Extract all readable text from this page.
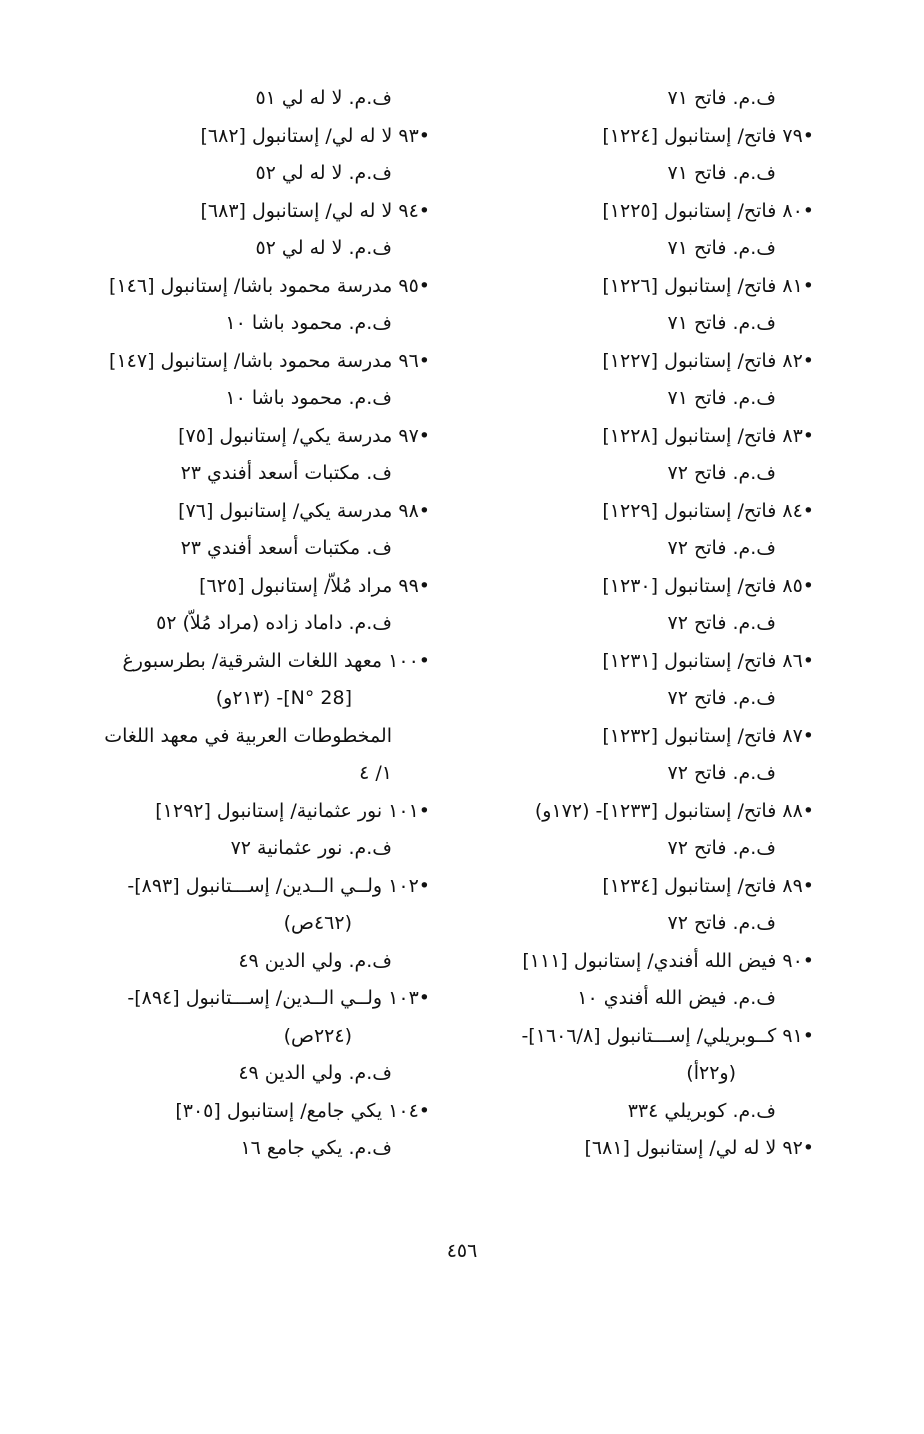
ف.م. فاتح ٧١
•٧٩ فاتح/ إستانبول [١٢٢٤]
ف.م. فاتح ٧١
•٨٠ فاتح/ إستانبول [١٢٢٥]
ف.م. فاتح ٧١
•٨١ فاتح/ إستانبول [١٢٢٦]
ف.م. فاتح ٧١
•٨٢ فاتح/ إستانبول [١٢٢٧]
ف.م. فاتح ٧١
•٨٣ فاتح/ إستانبول [١٢٢٨]
ف.م. فاتح ٧٢
•٨٤ فاتح/ إستانبول [١٢٢٩]
ف.م. فاتح ٧٢
•٨٥ فاتح/ إستانبول [١٢٣٠]
ف.م. فاتح ٧٢
•٨٦ فاتح/ إستانبول [١٢٣١]
ف.م. فاتح ٧٢
•٨٧ فاتح/ إستانبول [١٢٣٢]
ف.م. فاتح ٧٢
•٨٨ فاتح/ إستانبول [١٢٣٣]- (١٧٢و)
ف.م. فاتح ٧٢
•٨٩ فاتح/ إستانبول [١٢٣٤]
ف.م. فاتح ٧٢
•٩٠ فيض الله أفندي/ إستانبول [١١١]
ف.م. فيض الله أفندي ١٠
•٩١ كــوبريلي/ إســـتانبول [١٦٠٦/٨]-
(و٢٢أ)
ف.م. كوبريلي ٣٣٤
•٩٢ لا له لي/ إستانبول [٦٨١]
ف.م. لا له لي ٥١
•٩٣ لا له لي/ إستانبول [٦٨٢]
ف.م. لا له لي ٥٢
•٩٤ لا له لي/ إستانبول [٦٨٣]
ف.م. لا له لي ٥٢
•٩٥ مدرسة محمود باشا/ إستانبول [١٤٦]
ف.م. محمود باشا ١٠
•٩٦ مدرسة محمود باشا/ إستانبول [١٤٧]
ف.م. محمود باشا ١٠
•٩٧ مدرسة يكي/ إستانبول [٧٥]
ف. مكتبات أسعد أفندي ٢٣
•٩٨ مدرسة يكي/ إستانبول [٧٦]
ف. مكتبات أسعد أفندي ٢٣
•٩٩ مراد مُلاّ/ إستانبول [٦٢٥]
ف.م. داماد زاده (مراد مُلاّ) ٥٢
•١٠٠ معهد اللغات الشرقية/ بطرسبورغ
[N° 28]- (٢١٣و)
المخطوطات العربية في معهد اللغات
١/ ٤
•١٠١ نور عثمانية/ إستانبول [١٢٩٢]
ف.م. نور عثمانية ٧٢
•١٠٢ ولــي الــدين/ إســـتانبول [٨٩٣]-
(٤٦٢ص)
ف.م. ولي الدين ٤٩
•١٠٣ ولــي الــدين/ إســـتانبول [٨٩٤]-
(٢٢٤ص)
ف.م. ولي الدين ٤٩
•١٠٤ يكي جامع/ إستانبول [٣٠٥]
ف.م. يكي جامع ١٦
٤٥٦
